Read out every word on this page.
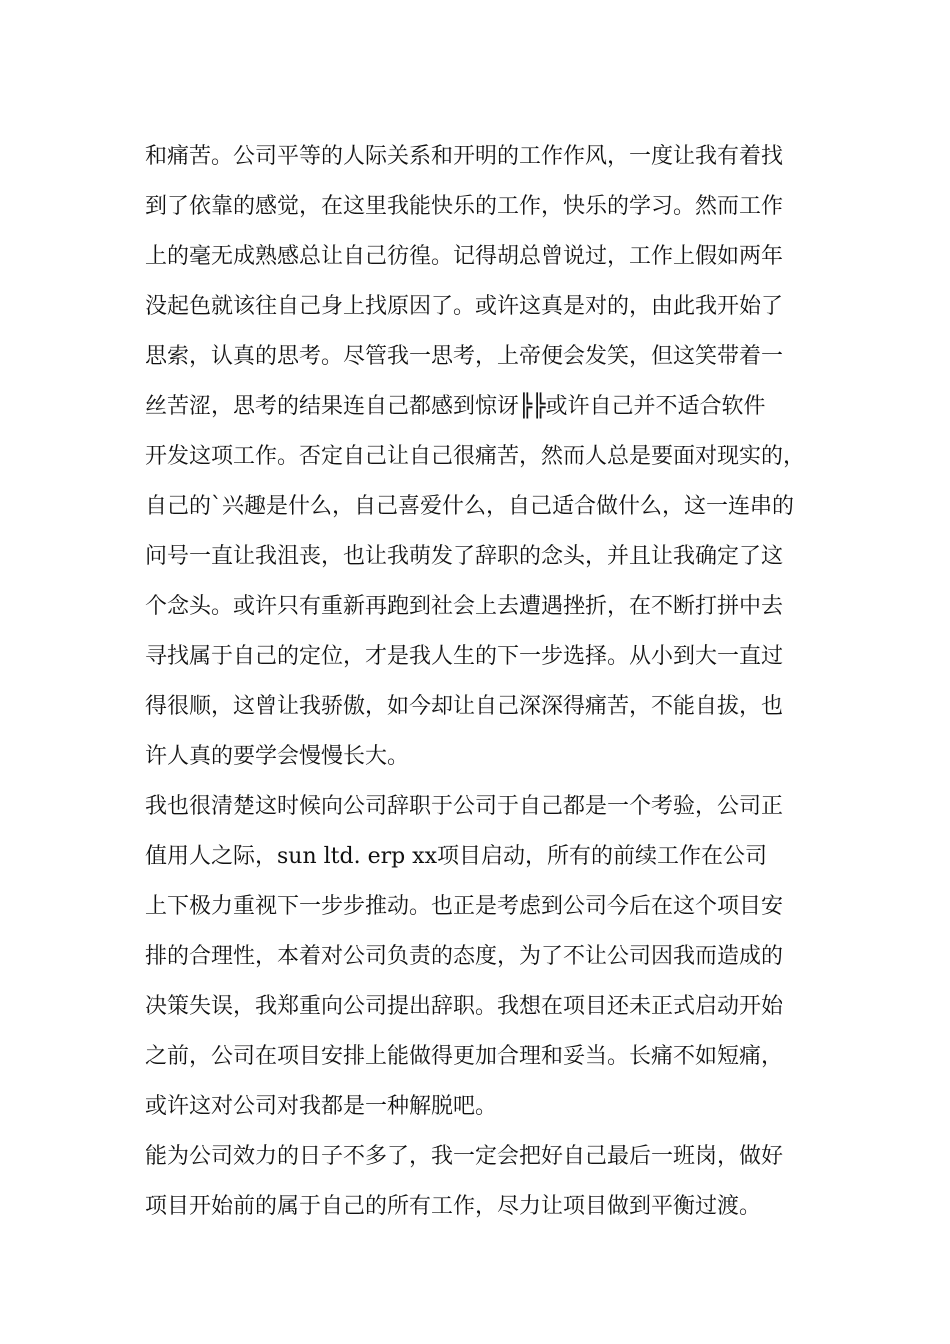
和痛苦。公司平等的人际关系和开明的工作作风，一度让我有着找
到了依靠的感觉，在这里我能快乐的工作，快乐的学习。然而工作
上的毫无成熟感总让自己彷徨。记得胡总曾说过，工作上假如两年
没起色就该往自己身上找原因了。或许这真是对的，由此我开始了
思索，认真的思考。尽管我一思考，上帝便会发笑，但这笑带着一
丝苦涩，思考的结果连自己都感到惊讶╠╠或许自己并不适合软件
开发这项工作。否定自己让自己很痛苦，然而人总是要面对现实的，
自己的`兴趣是什么，自己喜爱什么，自己适合做什么，这一连串的
问号一直让我沮丧，也让我萌发了辞职的念头，并且让我确定了这
个念头。或许只有重新再跑到社会上去遭遇挫折，在不断打拼中去
寻找属于自己的定位，才是我人生的下一步选择。从小到大一直过
得很顺，这曾让我骄傲，如今却让自己深深得痛苦，不能自拔，也
许人真的要学会慢慢长大。
我也很清楚这时候向公司辞职于公司于自己都是一个考验，公司正
值用人之际，sun ltd. erp xx项目启动，所有的前续工作在公司
上下极力重视下一步步推动。也正是考虑到公司今后在这个项目安
排的合理性，本着对公司负责的态度，为了不让公司因我而造成的
决策失误，我郑重向公司提出辞职。我想在项目还未正式启动开始
之前，公司在项目安排上能做得更加合理和妥当。长痛不如短痛，
或许这对公司对我都是一种解脱吧。
能为公司效力的日子不多了，我一定会把好自己最后一班岗，做好
项目开始前的属于自己的所有工作，尽力让项目做到平衡过渡。
